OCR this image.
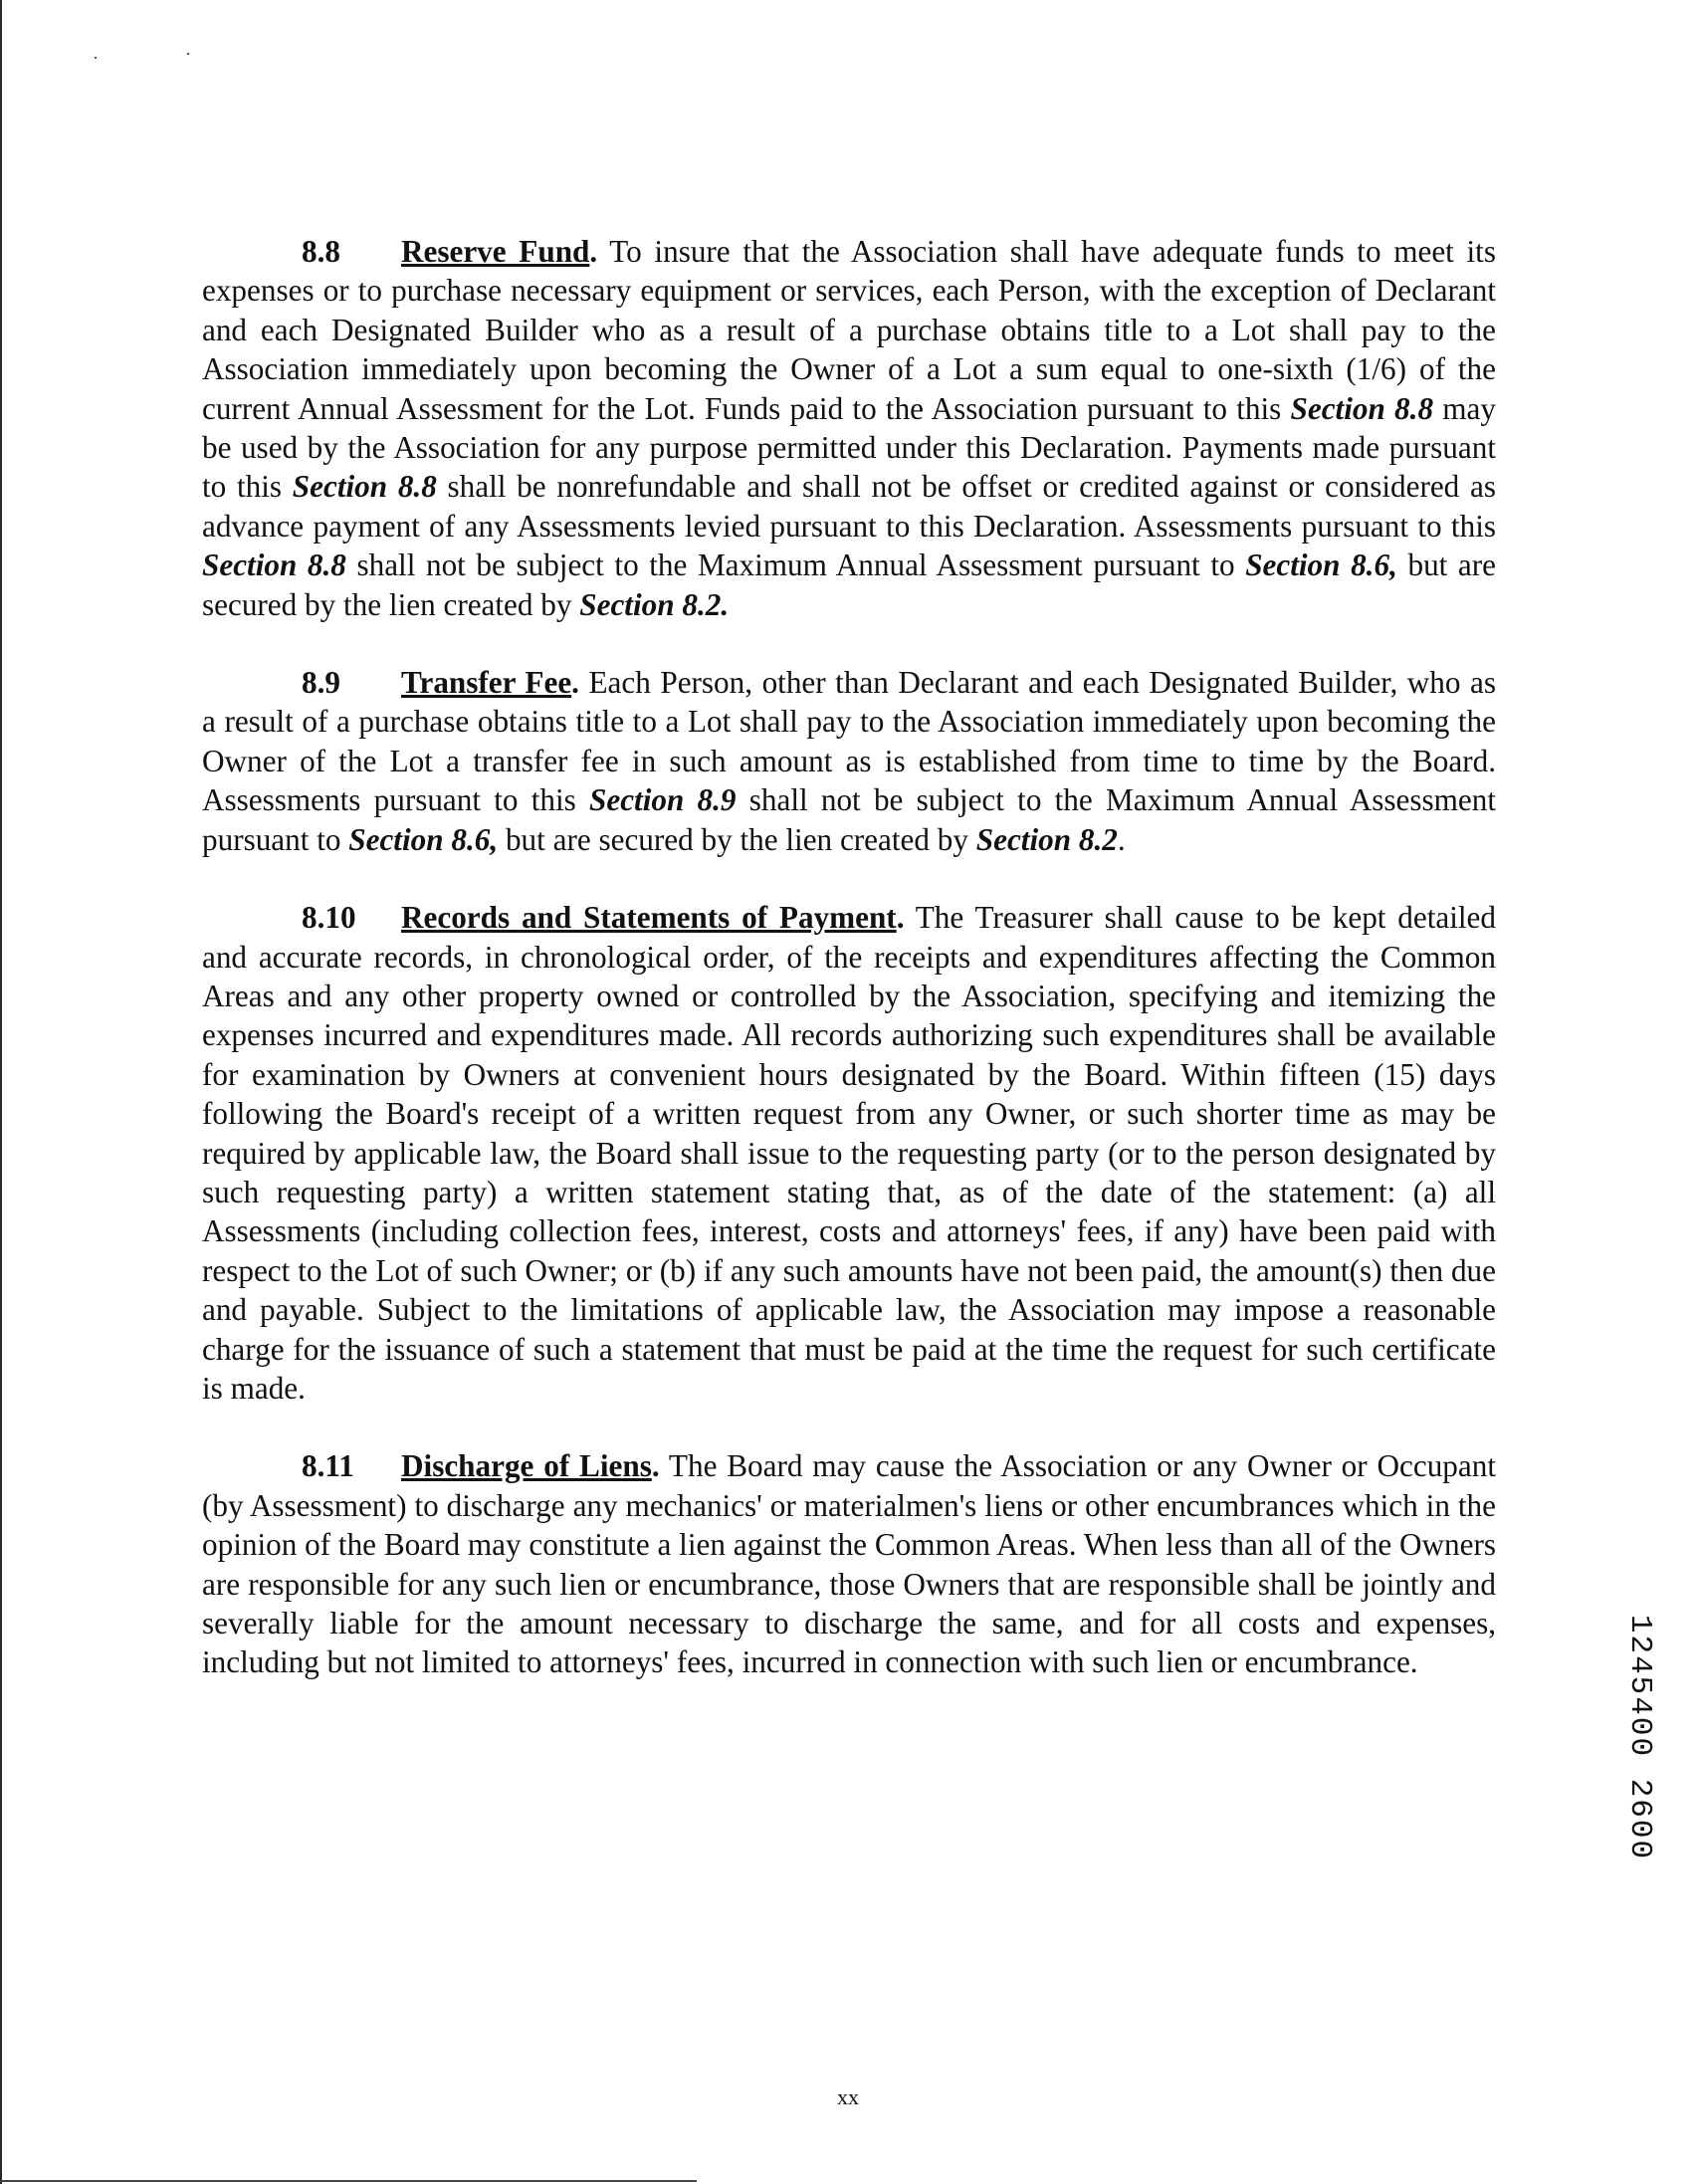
8.8 Reserve Fund. To insure that the Association shall have adequate funds to meet its expenses or to purchase necessary equipment or services, each Person, with the exception of Declarant and each Designated Builder who as a result of a purchase obtains title to a Lot shall pay to the Association immediately upon becoming the Owner of a Lot a sum equal to one-sixth (1/6) of the current Annual Assessment for the Lot. Funds paid to the Association pursuant to this Section 8.8 may be used by the Association for any purpose permitted under this Declaration. Payments made pursuant to this Section 8.8 shall be nonrefundable and shall not be offset or credited against or considered as advance payment of any Assessments levied pursuant to this Declaration. Assessments pursuant to this Section 8.8 shall not be subject to the Maximum Annual Assessment pursuant to Section 8.6, but are secured by the lien created by Section 8.2.

8.9 Transfer Fee. Each Person, other than Declarant and each Designated Builder, who as a result of a purchase obtains title to a Lot shall pay to the Association immediately upon becoming the Owner of the Lot a transfer fee in such amount as is established from time to time by the Board. Assessments pursuant to this Section 8.9 shall not be subject to the Maximum Annual Assessment pursuant to Section 8.6, but are secured by the lien created by Section 8.2.

8.10 Records and Statements of Payment. The Treasurer shall cause to be kept detailed and accurate records, in chronological order, of the receipts and expenditures affecting the Common Areas and any other property owned or controlled by the Association, specifying and itemizing the expenses incurred and expenditures made. All records authorizing such expenditures shall be available for examination by Owners at convenient hours designated by the Board. Within fifteen (15) days following the Board's receipt of a written request from any Owner, or such shorter time as may be required by applicable law, the Board shall issue to the requesting party (or to the person designated by such requesting party) a written statement stating that, as of the date of the statement: (a) all Assessments (including collection fees, interest, costs and attorneys' fees, if any) have been paid with respect to the Lot of such Owner; or (b) if any such amounts have not been paid, the amount(s) then due and payable. Subject to the limitations of applicable law, the Association may impose a reasonable charge for the issuance of such a statement that must be paid at the time the request for such certificate is made.

8.11 Discharge of Liens. The Board may cause the Association or any Owner or Occupant (by Assessment) to discharge any mechanics' or materialmen's liens or other encumbrances which in the opinion of the Board may constitute a lien against the Common Areas. When less than all of the Owners are responsible for any such lien or encumbrance, those Owners that are responsible shall be jointly and severally liable for the amount necessary to discharge the same, and for all costs and expenses, including but not limited to attorneys' fees, incurred in connection with such lien or encumbrance.	1245400 2600
xx
